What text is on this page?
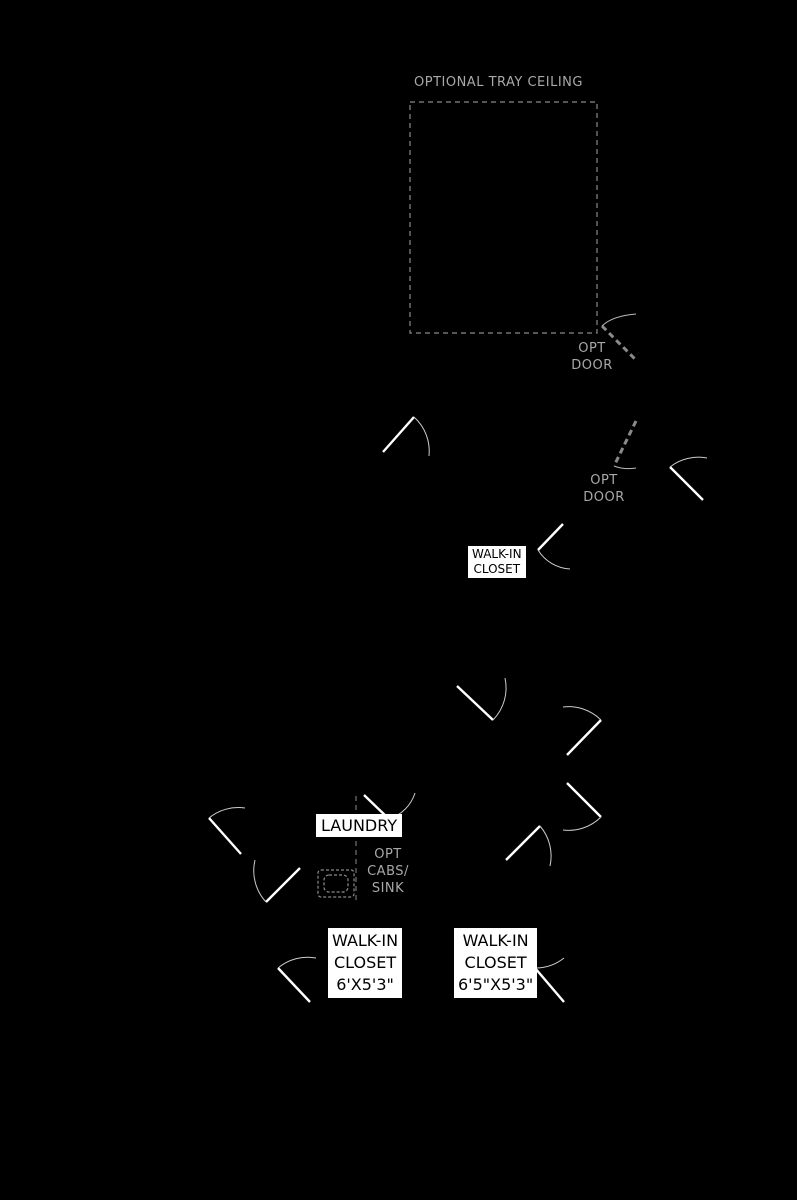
OPTIONAL TRAY CEILING
OPT
DOOR
OPT
DOOR
OPT
CABS/
SINK
WALK-IN
CLOSET
LAUNDRY
WALK-IN
CLOSET
6'X5'3"
WALK-IN
CLOSET
6'5"X5'3"
